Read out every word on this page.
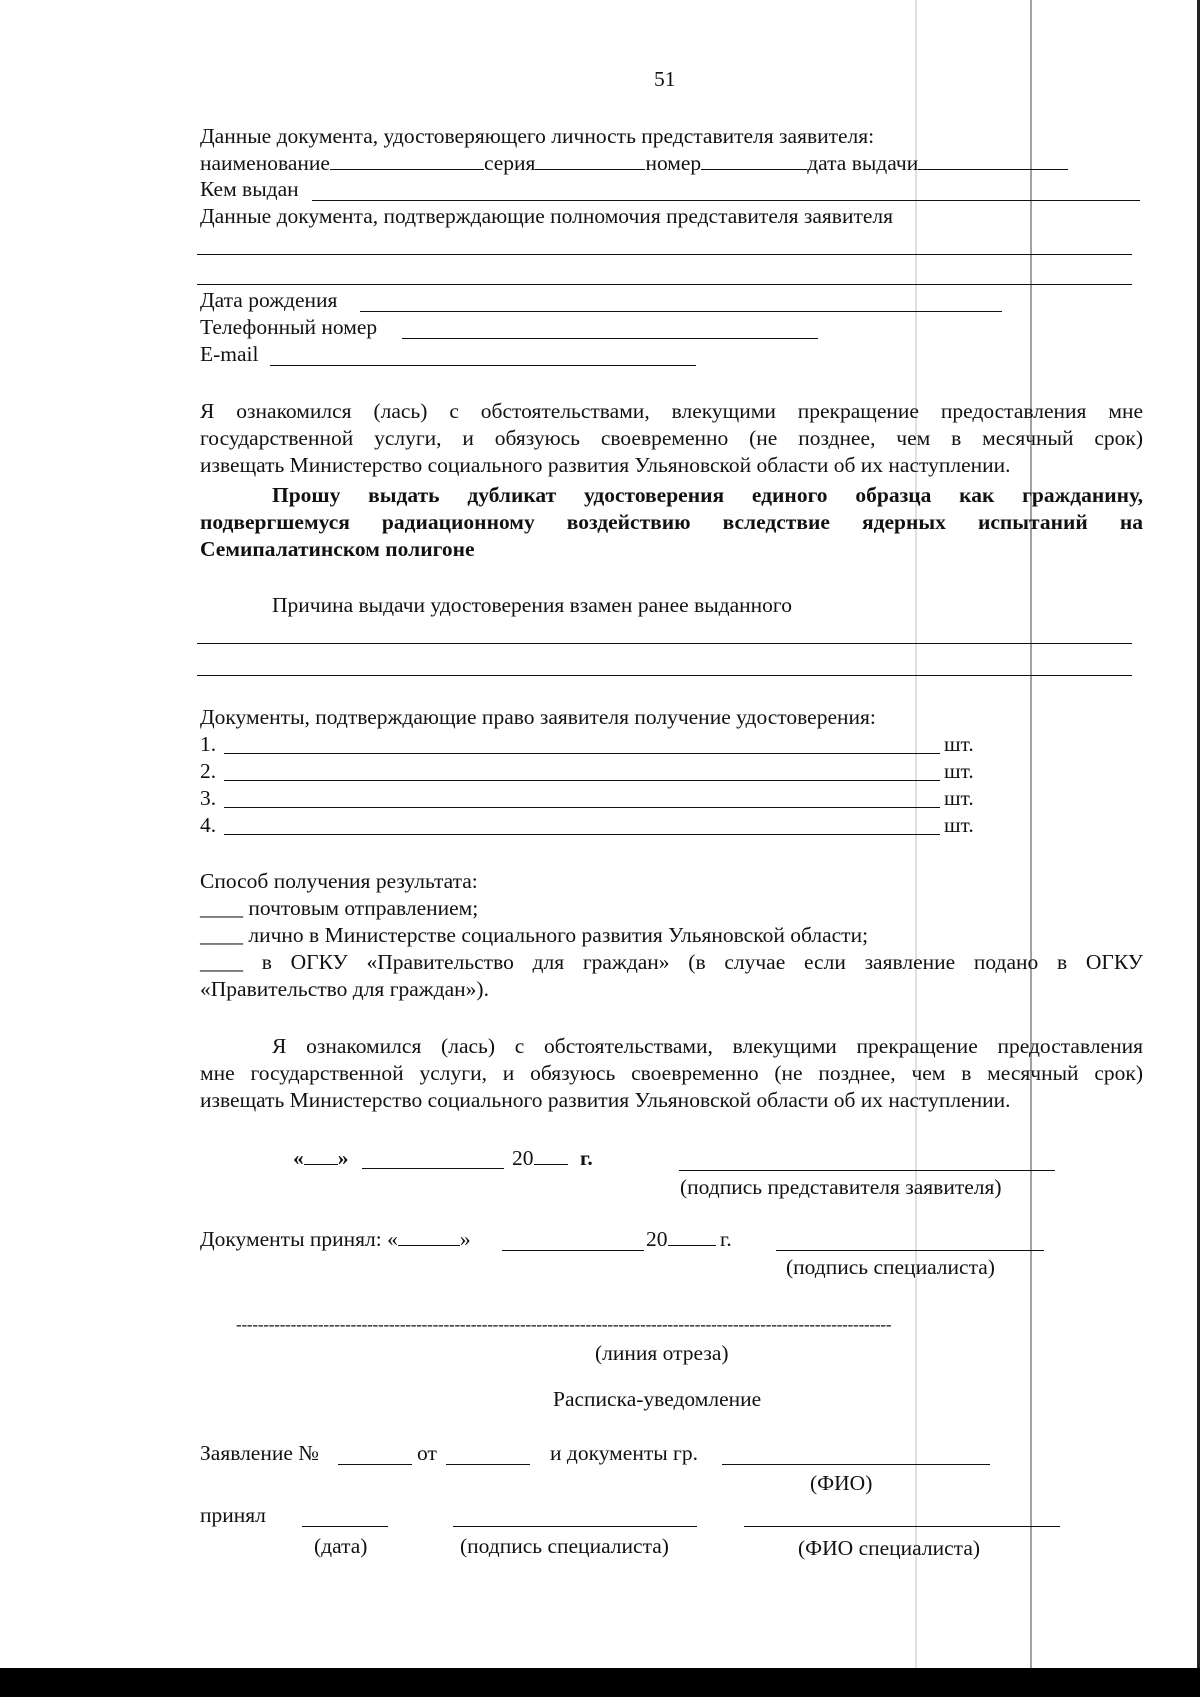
51
Данные документа, удостоверяющего личность представителя заявителя:
наименование	серия	номер	дата выдачи
Кем выдан
Данные документа, подтверждающие полномочия представителя заявителя
Дата рождения
Телефонный номер
E-mail
Я ознакомился (лась) с обстоятельствами, влекущими прекращение предоставления мне
государственной услуги, и обязуюсь своевременно (не позднее, чем в месячный срок)
извещать Министерство социального развития Ульяновской области об их наступлении.
Прошу выдать дубликат удостоверения единого образца как гражданину,
подвергшемуся радиационному воздействию вследствие ядерных испытаний на
Семипалатинском полигоне
Причина выдачи удостоверения взамен ранее выданного
Документы, подтверждающие право заявителя получение удостоверения:
1.	шт.
2.	шт.
3.	шт.
4.	шт.
Способ получения результата:
____ почтовым отправлением;
____ лично в Министерстве социального развития Ульяновской области;
____ в ОГКУ «Правительство для граждан» (в случае если заявление подано в ОГКУ
«Правительство для граждан»).
Я ознакомился (лась) с обстоятельствами, влекущими прекращение предоставления
мне государственной услуги, и обязуюсь своевременно (не позднее, чем в месячный срок)
извещать Министерство социального развития Ульяновской области об их наступлении.
« »	20	г.
(подпись представителя заявителя)
Документы принял: «	»	20	г.
(подпись специалиста)
------------------------------------------------------------------------------------------------------------------------
(линия отреза)
Расписка-уведомление
Заявление №	от	и документы гр.
(ФИО)
принял
(дата)	(подпись специалиста)	(ФИО специалиста)
